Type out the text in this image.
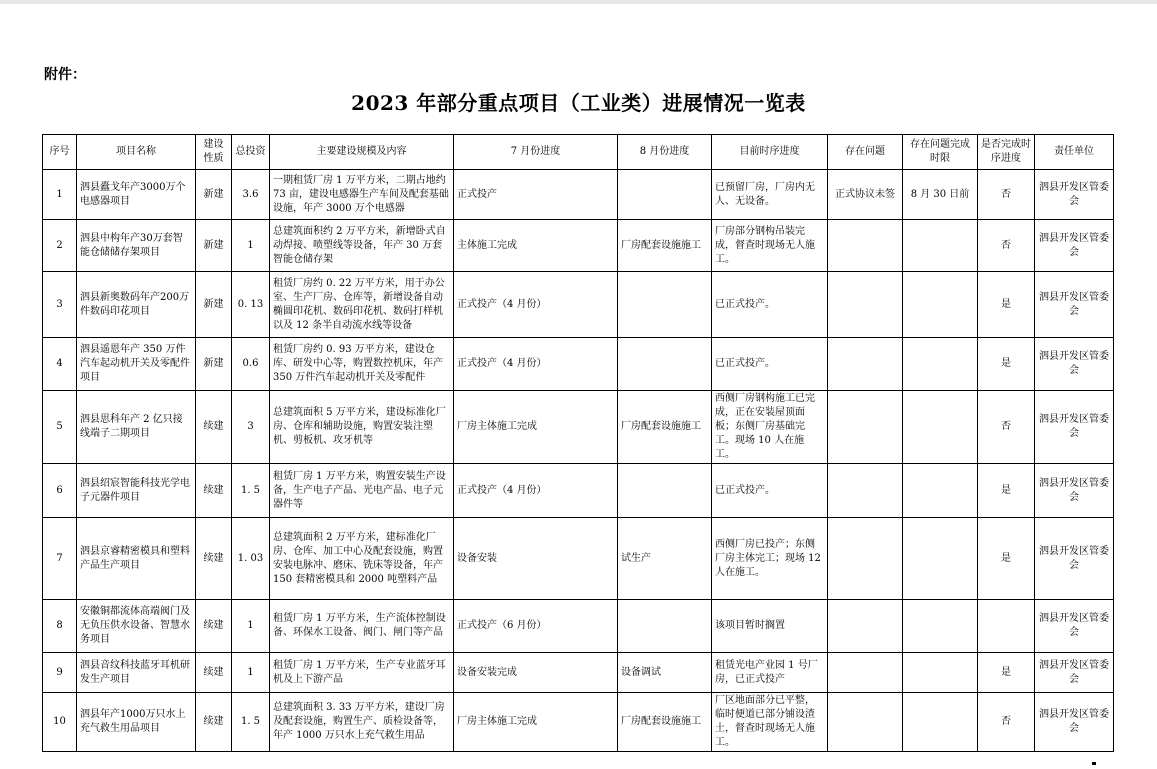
附件：
2023 年部分重点项目（工业类）进展情况一览表
序号	项目名称	建设性质	总投资	主要建设规模及内容	7 月份进度	8 月份进度	目前时序进度	存在问题	存在问题完成时限	是否完成时序进度	责任单位
1	泗县蠹戈年产3000万个电感器项目	新建	3.6	一期租赁厂房 1 万平方米，二期占地约 73 亩，建设电感器生产车间及配套基础设施，年产 3000 万个电感器	正式投产		已预留厂房，厂房内无人、无设备。	正式协议未签	8 月 30 日前	否	泗县开发区管委会
2	泗县中构年产30万套智能仓储储存架项目	新建	1	总建筑面积约 2 万平方米，新增卧式自动焊接、喷塑线等设备，年产 30 万套智能仓储存架	主体施工完成	厂房配套设施施工	厂房部分钢构吊装完成，督查时现场无人施工。			否	泗县开发区管委会
3	泗县新奥数码年产200万件数码印花项目	新建	0. 13	租赁厂房约 0. 22 万平方米，用于办公室、生产厂房、仓库等，新增设备自动椭圆印花机、数码印花机、数码打样机以及 12 条半自动流水线等设备	正式投产（4 月份）		已正式投产。			是	泗县开发区管委会
4	泗县遥恩年产 350 万件汽车起动机开关及零配件项目	新建	0.6	租赁厂房约 0. 93 万平方米，建设仓库、研发中心等，购置数控机床，年产 350 万件汽车起动机开关及零配件	正式投产（4 月份）		已正式投产。			是	泗县开发区管委会
5	泗县思科年产 2 亿只接线端子二期项目	续建	3	总建筑面积 5 万平方米，建设标准化厂房、仓库和辅助设施，购置安装注塑机、剪板机、攻牙机等	厂房主体施工完成	厂房配套设施施工	西侧厂房钢构施工已完成，正在安装屋顶面板；东侧厂房基础完工。现场 10 人在施工。			否	泗县开发区管委会
6	泗县绍宸智能科技光学电子元器件项目	续建	1. 5	租赁厂房 1 万平方米，购置安装生产设备，生产电子产品、光电产品、电子元器件等	正式投产（4 月份）		已正式投产。			是	泗县开发区管委会
7	泗县京睿精密模具和塑料产品生产项目	续建	1. 03	总建筑面积 2 万平方米，建标准化厂房、仓库、加工中心及配套设施，购置安装电脉冲、磨床、铣床等设备，年产 150 套精密模具和 2000 吨塑料产品	设备安装	试生产	西侧厂房已投产；东侧厂房主体完工；现场 12 人在施工。			是	泗县开发区管委会
8	安徽铜都流体高端阀门及无负压供水设备、智慧水务项目	续建	1	租赁厂房 1 万平方米，生产流体控制设备、环保水工设备、阀门、闸门等产品	正式投产（6 月份）		该项目暂时搁置				泗县开发区管委会
9	泗县音纹科技蓝牙耳机研发生产项目	续建	1	租赁厂房 1 万平方米，生产专业蓝牙耳机及上下游产品	设备安装完成	设备调试	租赁光电产业园 1 号厂房，已正式投产			是	泗县开发区管委会
10	泗县年产1000万只水上充气救生用品项目	续建	1. 5	总建筑面积 3. 33 万平方米，建设厂房及配套设施，购置生产、质检设备等，年产 1000 万只水上充气救生用品	厂房主体施工完成	厂房配套设施施工	厂区地面部分已平整，临时便道已部分铺设渣土，督查时现场无人施工。			否	泗县开发区管委会
